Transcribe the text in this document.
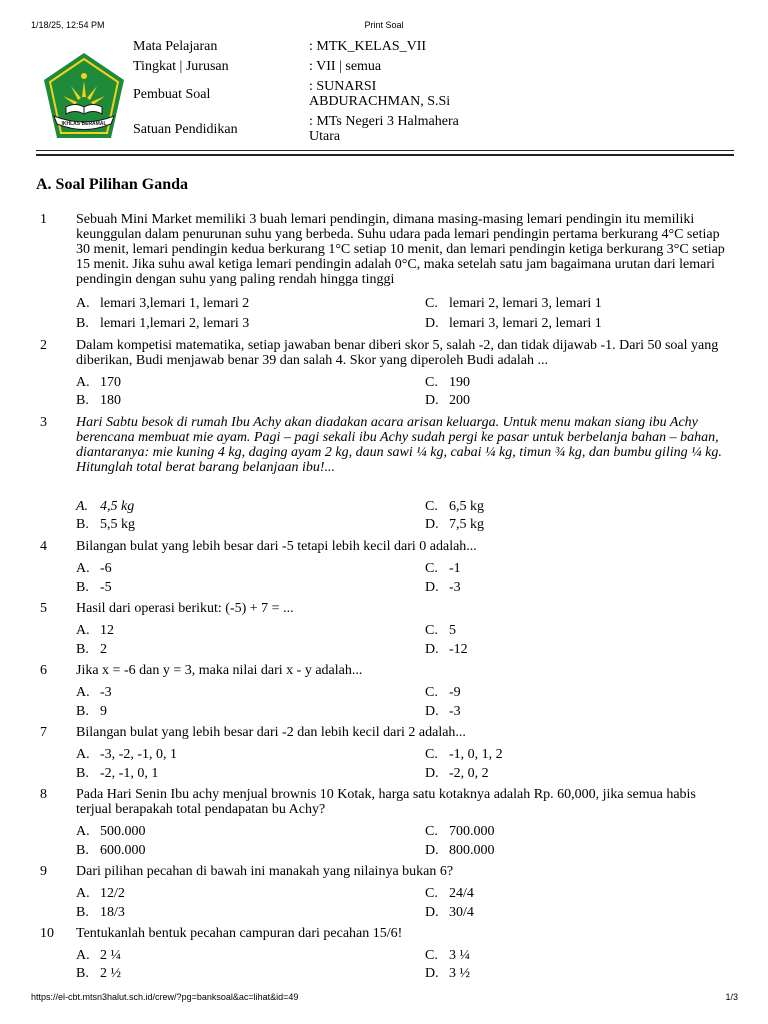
1/18/25, 12:54 PM	Print Soal
IKHLAS BERAMAL
Mata Pelajaran	: MTK_KELAS_VII
Tingkat | Jurusan	: VII | semua
Pembuat Soal
: SUNARSI ABDURACHMAN, S.Si
Satuan Pendidikan
: MTs Negeri 3 Halmahera Utara
A. Soal Pilihan Ganda
1 Sebuah Mini Market memiliki 3 buah lemari pendingin, dimana masing-masing lemari pendingin itu memiliki keunggulan dalam penurunan suhu yang berbeda. Suhu udara pada lemari pendingin pertama berkurang 4°C setiap 30 menit, lemari pendingin kedua berkurang 1°C setiap 10 menit, dan lemari pendingin ketiga berkurang 3°C setiap 15 menit. Jika suhu awal ketiga lemari pendingin adalah 0°C, maka setelah satu jam bagaimana urutan dari lemari pendingin dengan suhu yang paling rendah hingga tinggi
A. lemari 3,lemari 1, lemari 2	C. lemari 2, lemari 3, lemari 1
B. lemari 1,lemari 2, lemari 3	D. lemari 3, lemari 2, lemari 1
2 Dalam kompetisi matematika, setiap jawaban benar diberi skor 5, salah -2, dan tidak dijawab -1. Dari 50 soal yang diberikan, Budi menjawab benar 39 dan salah 4. Skor yang diperoleh Budi adalah ...
A. 170	C. 190
B. 180	D. 200
3 Hari Sabtu besok di rumah Ibu Achy akan diadakan acara arisan keluarga. Untuk menu makan siang ibu Achy berencana membuat mie ayam. Pagi – pagi sekali ibu Achy sudah pergi ke pasar untuk berbelanja bahan – bahan, diantaranya: mie kuning 4 kg, daging ayam 2 kg, daun sawi ¼ kg, cabai ¼ kg, timun ¾ kg, dan bumbu giling ¼ kg. Hitunglah total berat barang belanjaan ibu!...
A. 4,5 kg	C. 6,5 kg
B. 5,5 kg	D. 7,5 kg
4 Bilangan bulat yang lebih besar dari -5 tetapi lebih kecil dari 0 adalah...
A. -6	C. -1
B. -5	D. -3
5 Hasil dari operasi berikut: (-5) + 7 = ...
A. 12	C. 5
B. 2	D. -12
6 Jika x = -6 dan y = 3, maka nilai dari x - y adalah...
A. -3	C. -9
B. 9	D. -3
7 Bilangan bulat yang lebih besar dari -2 dan lebih kecil dari 2 adalah...
A. -3, -2, -1, 0, 1	C. -1, 0, 1, 2
B. -2, -1, 0, 1	D. -2, 0, 2
8 Pada Hari Senin Ibu achy menjual brownis 10 Kotak, harga satu kotaknya adalah Rp. 60,000, jika semua habis terjual berapakah total pendapatan bu Achy?
A. 500.000	C. 700.000
B. 600.000	D. 800.000
9 Dari pilihan pecahan di bawah ini manakah yang nilainya bukan 6?
A. 12/2	C. 24/4
B. 18/3	D. 30/4
10 Tentukanlah bentuk pecahan campuran dari pecahan 15/6!
A. 2 ¼	C. 3 ¼
B. 2 ½	D. 3 ½
https://el-cbt.mtsn3halut.sch.id/crew/?pg=banksoal&ac=lihat&id=49	1/3
